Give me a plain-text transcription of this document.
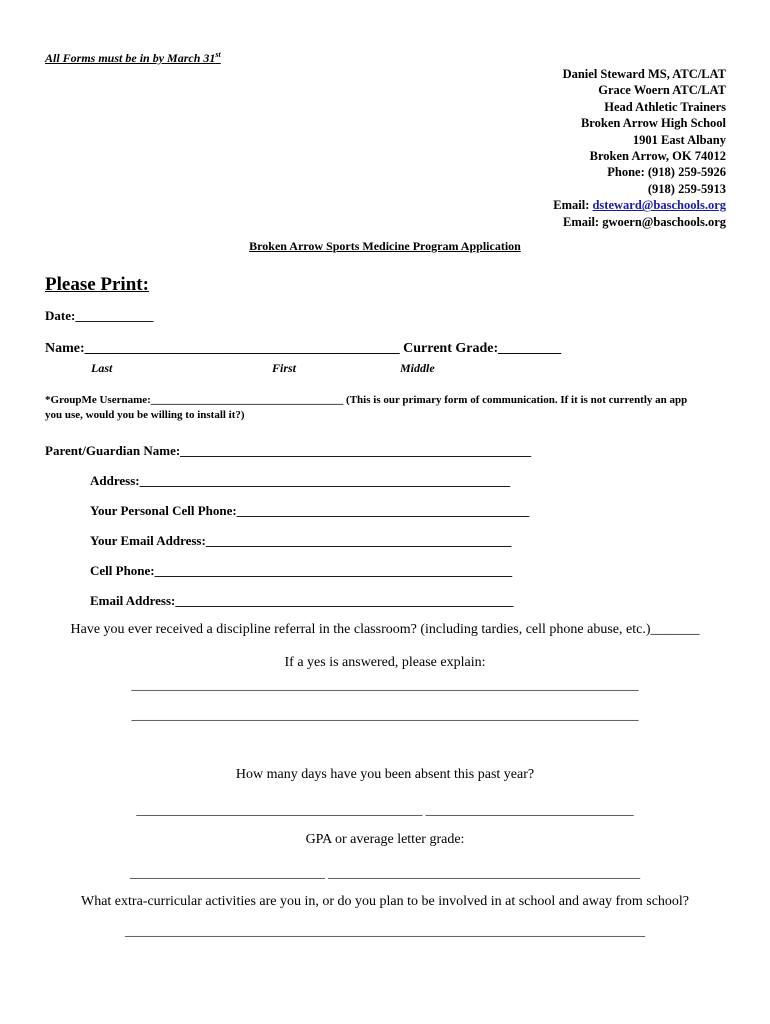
All Forms must be in by March 31st
Daniel Steward MS, ATC/LAT
Grace Woern ATC/LAT
Head Athletic Trainers
Broken Arrow High School
1901 East Albany
Broken Arrow, OK 74012
Phone: (918) 259-5926
(918) 259-5913
Email: dsteward@baschools.org
Email: gwoern@baschools.org
Broken Arrow Sports Medicine Program Application
Please Print:
Date:____________
Name:_____________________________________________ Current Grade:_________
Last	First	Middle
*GroupMe Username:___________________________________ (This is our primary form of communication. If it is not currently an app
you use, would you be willing to install it?)
Parent/Guardian Name:______________________________________________________
Address:_________________________________________________________
Your Personal Cell Phone:_____________________________________________
Your Email Address:_______________________________________________
Cell Phone:_______________________________________________________
Email Address:____________________________________________________
Have you ever received a discipline referral in the classroom? (including tardies, cell phone abuse, etc.)_______
If a yes is answered, please explain:
______________________________________________________________________________
______________________________________________________________________________
How many days have you been absent this past year?
____________________________________________ ________________________________
GPA or average letter grade:
______________________________ ________________________________________________
What extra-curricular activities are you in, or do you plan to be involved in at school and away from school?
________________________________________________________________________________
